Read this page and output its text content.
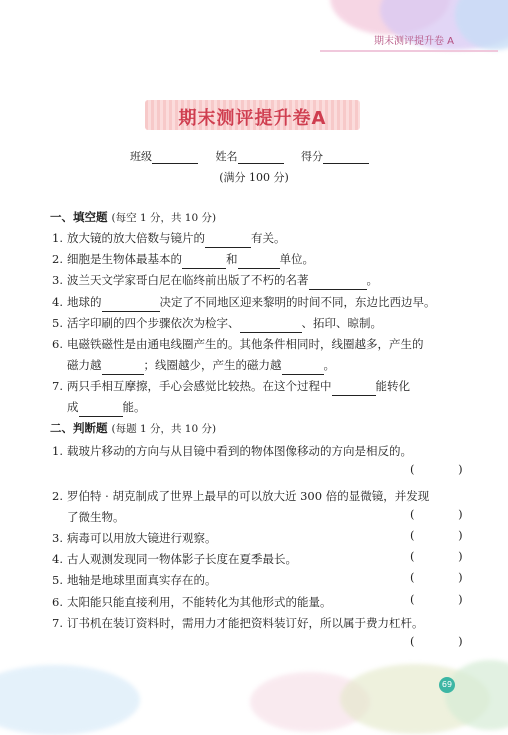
期末测评提升卷 A
期末测评提升卷A
班级	姓名	得分
(满分 100 分)
一、填空题 (每空 1 分，共 10 分)
1. 放大镜的放大倍数与镜片的	有关。
2. 细胞是生物体最基本的	和	单位。
3. 波兰天文学家哥白尼在临终前出版了不朽的名著	。
4. 地球的	决定了不同地区迎来黎明的时间不同，东边比西边早。
5. 活字印刷的四个步骤依次为检字、	、拓印、晾制。
6. 电磁铁磁性是由通电线圈产生的。其他条件相同时，线圈越多，产生的
磁力越	；线圈越少，产生的磁力越	。
7. 两只手相互摩擦，手心会感觉比较热。在这个过程中	能转化
成	能。
二、判断题 (每题 1 分，共 10 分)
1. 载玻片移动的方向与从目镜中看到的物体图像移动的方向是相反的。
( )
2. 罗伯特 · 胡克制成了世界上最早的可以放大近 300 倍的显微镜，并发现
了微生物。	( )
3. 病毒可以用放大镜进行观察。	( )
4. 古人观测发现同一物体影子长度在夏季最长。	( )
5. 地轴是地球里面真实存在的。	( )
6. 太阳能只能直接利用，不能转化为其他形式的能量。	( )
7. 订书机在装订资料时，需用力才能把资料装订好，所以属于费力杠杆。
( )
69
